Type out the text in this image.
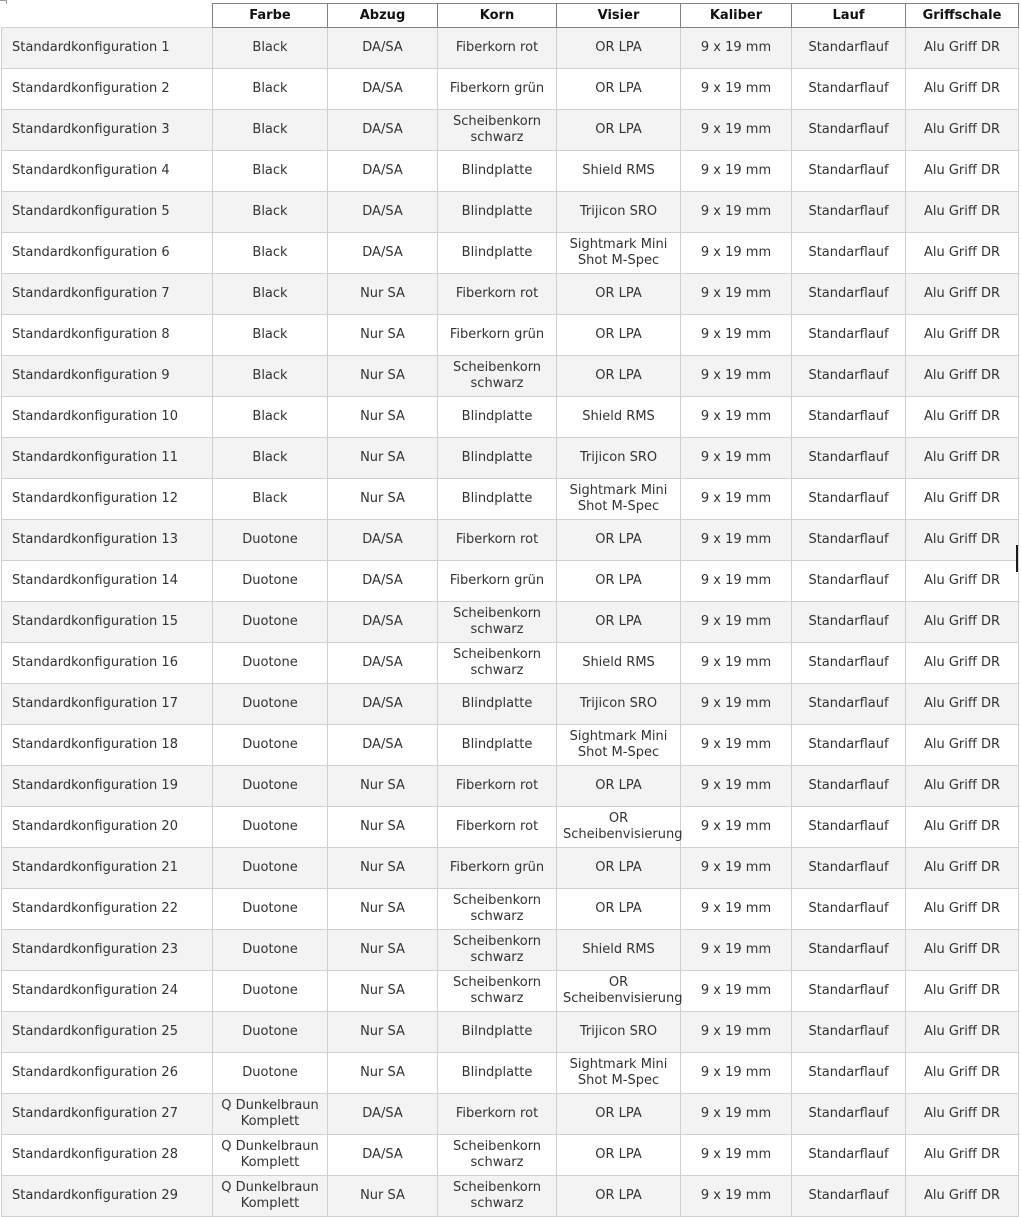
	Farbe	Abzug	Korn	Visier	Kaliber	Lauf	Griffschale
Standardkonfiguration 1	Black	DA/SA	Fiberkorn rot	OR LPA	9 x 19 mm	Standarflauf	Alu Griff DR
Standardkonfiguration 2	Black	DA/SA	Fiberkorn grün	OR LPA	9 x 19 mm	Standarflauf	Alu Griff DR
Standardkonfiguration 3	Black	DA/SA	Scheibenkorn schwarz	OR LPA	9 x 19 mm	Standarflauf	Alu Griff DR
Standardkonfiguration 4	Black	DA/SA	Blindplatte	Shield RMS	9 x 19 mm	Standarflauf	Alu Griff DR
Standardkonfiguration 5	Black	DA/SA	Blindplatte	Trijicon SRO	9 x 19 mm	Standarflauf	Alu Griff DR
Standardkonfiguration 6	Black	DA/SA	Blindplatte	Sightmark Mini Shot M-Spec	9 x 19 mm	Standarflauf	Alu Griff DR
Standardkonfiguration 7	Black	Nur SA	Fiberkorn rot	OR LPA	9 x 19 mm	Standarflauf	Alu Griff DR
Standardkonfiguration 8	Black	Nur SA	Fiberkorn grün	OR LPA	9 x 19 mm	Standarflauf	Alu Griff DR
Standardkonfiguration 9	Black	Nur SA	Scheibenkorn schwarz	OR LPA	9 x 19 mm	Standarflauf	Alu Griff DR
Standardkonfiguration 10	Black	Nur SA	Blindplatte	Shield RMS	9 x 19 mm	Standarflauf	Alu Griff DR
Standardkonfiguration 11	Black	Nur SA	Blindplatte	Trijicon SRO	9 x 19 mm	Standarflauf	Alu Griff DR
Standardkonfiguration 12	Black	Nur SA	Blindplatte	Sightmark Mini Shot M-Spec	9 x 19 mm	Standarflauf	Alu Griff DR
Standardkonfiguration 13	Duotone	DA/SA	Fiberkorn rot	OR LPA	9 x 19 mm	Standarflauf	Alu Griff DR
Standardkonfiguration 14	Duotone	DA/SA	Fiberkorn grün	OR LPA	9 x 19 mm	Standarflauf	Alu Griff DR
Standardkonfiguration 15	Duotone	DA/SA	Scheibenkorn schwarz	OR LPA	9 x 19 mm	Standarflauf	Alu Griff DR
Standardkonfiguration 16	Duotone	DA/SA	Scheibenkorn schwarz	Shield RMS	9 x 19 mm	Standarflauf	Alu Griff DR
Standardkonfiguration 17	Duotone	DA/SA	Blindplatte	Trijicon SRO	9 x 19 mm	Standarflauf	Alu Griff DR
Standardkonfiguration 18	Duotone	DA/SA	Blindplatte	Sightmark Mini Shot M-Spec	9 x 19 mm	Standarflauf	Alu Griff DR
Standardkonfiguration 19	Duotone	Nur SA	Fiberkorn rot	OR LPA	9 x 19 mm	Standarflauf	Alu Griff DR
Standardkonfiguration 20	Duotone	Nur SA	Fiberkorn rot	OR Scheibenvisierung	9 x 19 mm	Standarflauf	Alu Griff DR
Standardkonfiguration 21	Duotone	Nur SA	Fiberkorn grün	OR LPA	9 x 19 mm	Standarflauf	Alu Griff DR
Standardkonfiguration 22	Duotone	Nur SA	Scheibenkorn schwarz	OR LPA	9 x 19 mm	Standarflauf	Alu Griff DR
Standardkonfiguration 23	Duotone	Nur SA	Scheibenkorn schwarz	Shield RMS	9 x 19 mm	Standarflauf	Alu Griff DR
Standardkonfiguration 24	Duotone	Nur SA	Scheibenkorn schwarz	OR Scheibenvisierung	9 x 19 mm	Standarflauf	Alu Griff DR
Standardkonfiguration 25	Duotone	Nur SA	Bilndplatte	Trijicon SRO	9 x 19 mm	Standarflauf	Alu Griff DR
Standardkonfiguration 26	Duotone	Nur SA	Blindplatte	Sightmark Mini Shot M-Spec	9 x 19 mm	Standarflauf	Alu Griff DR
Standardkonfiguration 27	Q Dunkelbraun Komplett	DA/SA	Fiberkorn rot	OR LPA	9 x 19 mm	Standarflauf	Alu Griff DR
Standardkonfiguration 28	Q Dunkelbraun Komplett	DA/SA	Scheibenkorn schwarz	OR LPA	9 x 19 mm	Standarflauf	Alu Griff DR
Standardkonfiguration 29	Q Dunkelbraun Komplett	Nur SA	Scheibenkorn schwarz	OR LPA	9 x 19 mm	Standarflauf	Alu Griff DR
